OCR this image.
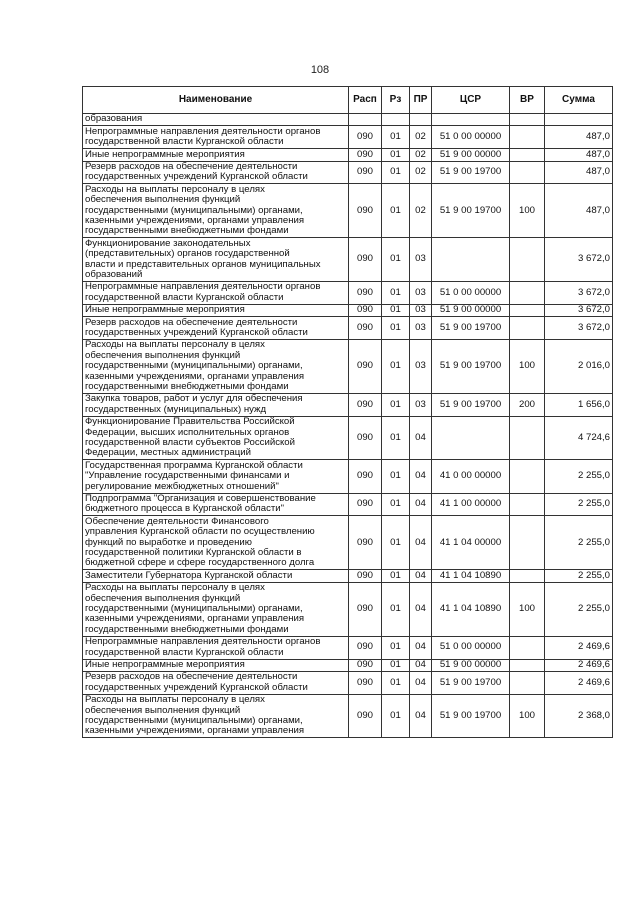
108
Наименование	Расп	Рз	ПР	ЦСР	ВР	Сумма
образования						
Непрограммные направления деятельности органов
государственной власти Курганской области	090	01	02	51 0 00 00000		487,0
Иные непрограммные мероприятия	090	01	02	51 9 00 00000		487,0
Резерв расходов на обеспечение деятельности
государственных учреждений Курганской области	090	01	02	51 9 00 19700		487,0
Расходы на выплаты персоналу в целях
обеспечения выполнения функций
государственными (муниципальными) органами,
казенными учреждениями, органами управления
государственными внебюджетными фондами	090	01	02	51 9 00 19700	100	487,0
Функционирование законодательных
(представительных) органов государственной
власти и представительных органов муниципальных
образований	090	01	03			3 672,0
Непрограммные направления деятельности органов
государственной власти Курганской области	090	01	03	51 0 00 00000		3 672,0
Иные непрограммные мероприятия	090	01	03	51 9 00 00000		3 672,0
Резерв расходов на обеспечение деятельности
государственных учреждений Курганской области	090	01	03	51 9 00 19700		3 672,0
Расходы на выплаты персоналу в целях
обеспечения выполнения функций
государственными (муниципальными) органами,
казенными учреждениями, органами управления
государственными внебюджетными фондами	090	01	03	51 9 00 19700	100	2 016,0
Закупка товаров, работ и услуг для обеспечения
государственных (муниципальных) нужд	090	01	03	51 9 00 19700	200	1 656,0
Функционирование Правительства Российской
Федерации, высших исполнительных органов
государственной власти субъектов Российской
Федерации, местных администраций	090	01	04			4 724,6
Государственная программа Курганской области
"Управление государственными финансами и
регулирование межбюджетных отношений"	090	01	04	41 0 00 00000		2 255,0
Подпрограмма "Организация и совершенствование
бюджетного процесса в Курганской области"	090	01	04	41 1 00 00000		2 255,0
Обеспечение деятельности Финансового
управления Курганской области по осуществлению
функций по выработке и проведению
государственной политики Курганской области в
бюджетной сфере и сфере государственного долга	090	01	04	41 1 04 00000		2 255,0
Заместители Губернатора Курганской области	090	01	04	41 1 04 10890		2 255,0
Расходы на выплаты персоналу в целях
обеспечения выполнения функций
государственными (муниципальными) органами,
казенными учреждениями, органами управления
государственными внебюджетными фондами	090	01	04	41 1 04 10890	100	2 255,0
Непрограммные направления деятельности органов
государственной власти Курганской области	090	01	04	51 0 00 00000		2 469,6
Иные непрограммные мероприятия	090	01	04	51 9 00 00000		2 469,6
Резерв расходов на обеспечение деятельности
государственных учреждений Курганской области	090	01	04	51 9 00 19700		2 469,6
Расходы на выплаты персоналу в целях
обеспечения выполнения функций
государственными (муниципальными) органами,
казенными учреждениями, органами управления	090	01	04	51 9 00 19700	100	2 368,0
